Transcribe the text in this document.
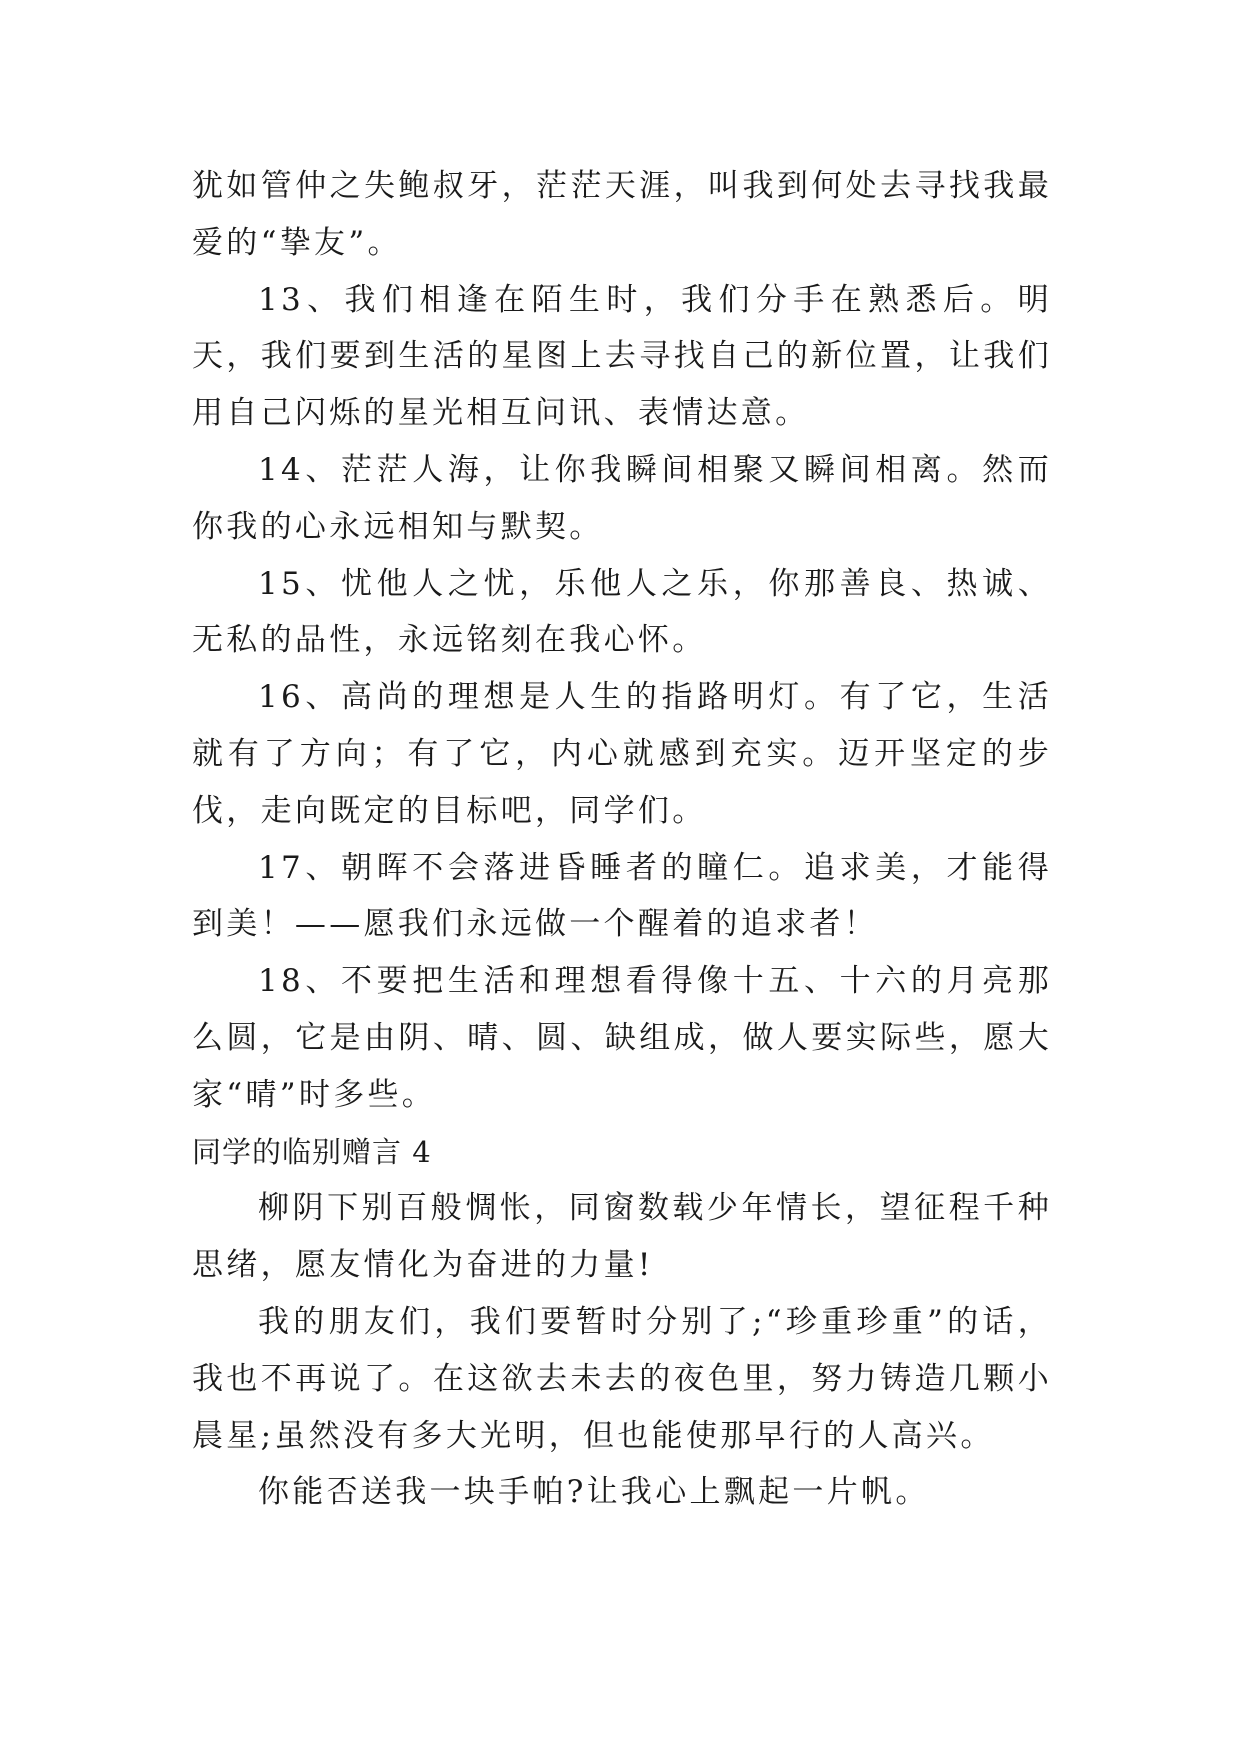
犹如管仲之失鲍叔牙，茫茫天涯，叫我到何处去寻找我最爱的“挚友”。

13、我们相逢在陌生时，我们分手在熟悉后。明天，我们要到生活的星图上去寻找自己的新位置，让我们用自己闪烁的星光相互问讯、表情达意。

14、茫茫人海，让你我瞬间相聚又瞬间相离。然而你我的心永远相知与默契。

15、忧他人之忧，乐他人之乐，你那善良、热诚、无私的品性，永远铭刻在我心怀。

16、高尚的理想是人生的指路明灯。有了它，生活就有了方向；有了它，内心就感到充实。迈开坚定的步伐，走向既定的目标吧，同学们。

17、朝晖不会落进昏睡者的瞳仁。追求美，才能得到美！——愿我们永远做一个醒着的追求者！

18、不要把生活和理想看得像十五、十六的月亮那么圆，它是由阴、晴、圆、缺组成，做人要实际些，愿大家“晴”时多些。

同学的临别赠言 4

柳阴下别百般惆怅，同窗数载少年情长，望征程千种思绪，愿友情化为奋进的力量!

我的朋友们，我们要暂时分别了;“珍重珍重”的话，我也不再说了。在这欲去未去的夜色里，努力铸造几颗小晨星;虽然没有多大光明，但也能使那早行的人高兴。

你能否送我一块手帕?让我心上飘起一片帆。
